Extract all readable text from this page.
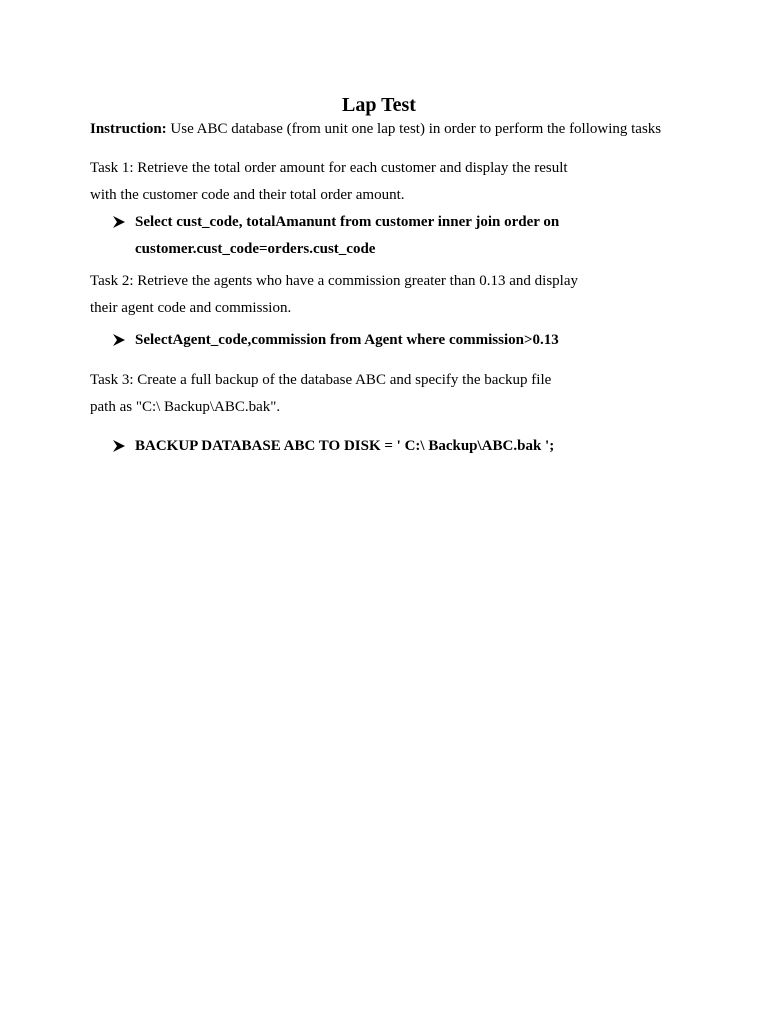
Lap Test

Instruction: Use ABC database (from unit one lap test) in order to perform the following tasks

Task 1: Retrieve the total order amount for each customer and display the result

with the customer code and their total order amount.

Select cust_code, totalAmanunt from customer inner join order on
customer.cust_code=orders.cust_code

Task 2: Retrieve the agents who have a commission greater than 0.13 and display

their agent code and commission.

SelectAgent_code,commission from Agent where commission>0.13

Task 3: Create a full backup of the database ABC and specify the backup file

path as "C:\ Backup\ABC.bak".

BACKUP DATABASE ABC TO DISK = ' C:\ Backup\ABC.bak ';
